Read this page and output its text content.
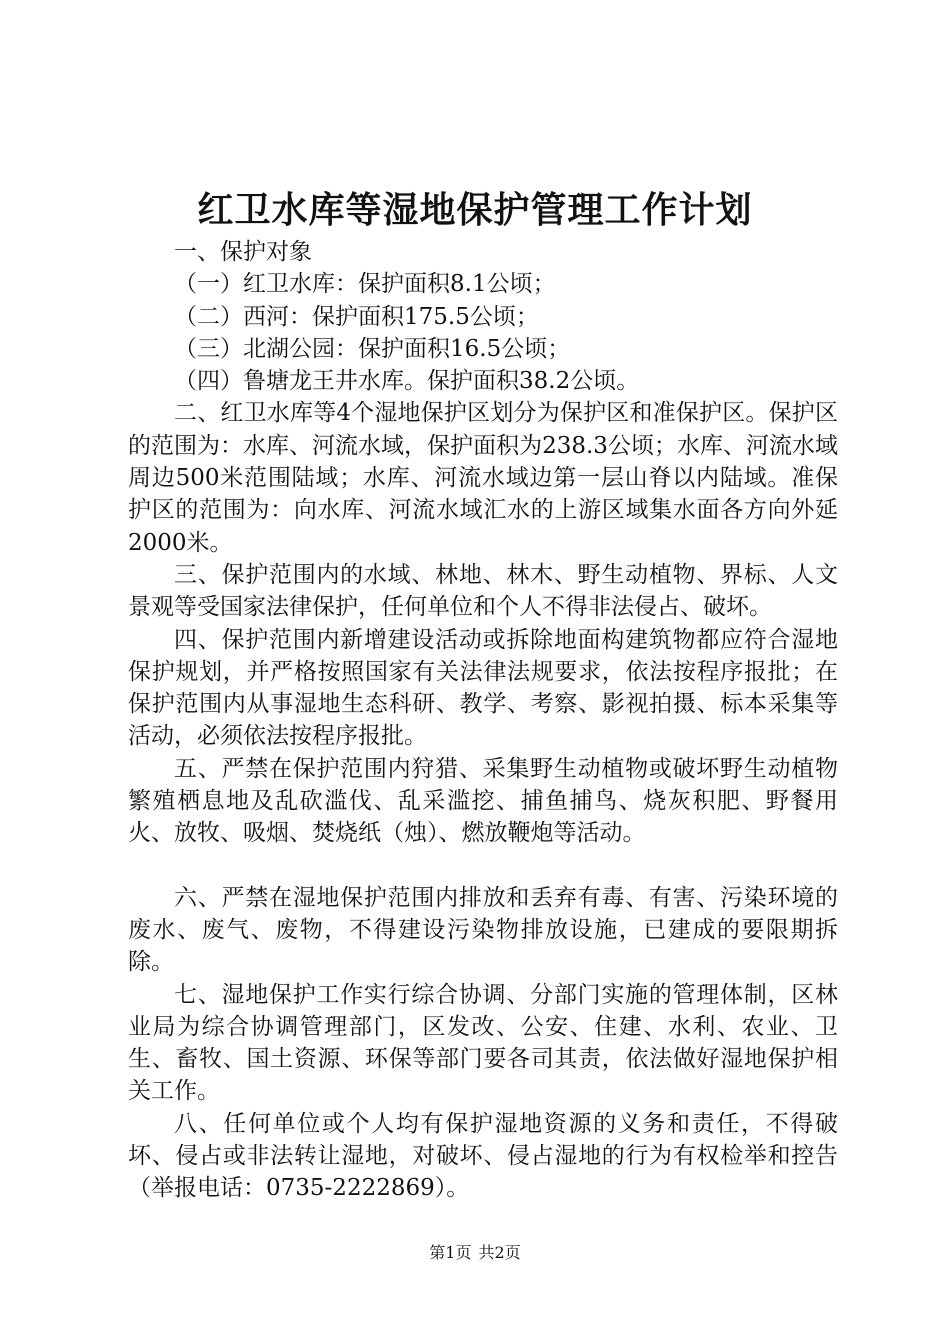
红卫水库等湿地保护管理工作计划

一、保护对象

（一）红卫水库：保护面积8.1公顷；

（二）西河：保护面积175.5公顷；

（三）北湖公园：保护面积16.5公顷；

（四）鲁塘龙王井水库。保护面积38.2公顷。

二、红卫水库等4个湿地保护区划分为保护区和准保护区。保护区的范围为：水库、河流水域，保护面积为238.3公顷；水库、河流水域周边500米范围陆域；水库、河流水域边第一层山脊以内陆域。准保护区的范围为：向水库、河流水域汇水的上游区域集水面各方向外延2000米。

三、保护范围内的水域、林地、林木、野生动植物、界标、人文景观等受国家法律保护，任何单位和个人不得非法侵占、破坏。

四、保护范围内新增建设活动或拆除地面构建筑物都应符合湿地保护规划，并严格按照国家有关法律法规要求，依法按程序报批；在保护范围内从事湿地生态科研、教学、考察、影视拍摄、标本采集等活动，必须依法按程序报批。

五、严禁在保护范围内狩猎、采集野生动植物或破坏野生动植物繁殖栖息地及乱砍滥伐、乱采滥挖、捕鱼捕鸟、烧灰积肥、野餐用火、放牧、吸烟、焚烧纸（烛）、燃放鞭炮等活动。

六、严禁在湿地保护范围内排放和丢弃有毒、有害、污染环境的废水、废气、废物，不得建设污染物排放设施，已建成的要限期拆除。

七、湿地保护工作实行综合协调、分部门实施的管理体制，区林业局为综合协调管理部门，区发改、公安、住建、水利、农业、卫生、畜牧、国土资源、环保等部门要各司其责，依法做好湿地保护相关工作。

八、任何单位或个人均有保护湿地资源的义务和责任，不得破坏、侵占或非法转让湿地，对破坏、侵占湿地的行为有权检举和控告（举报电话：0735-2222869）。

第1页 共2页
